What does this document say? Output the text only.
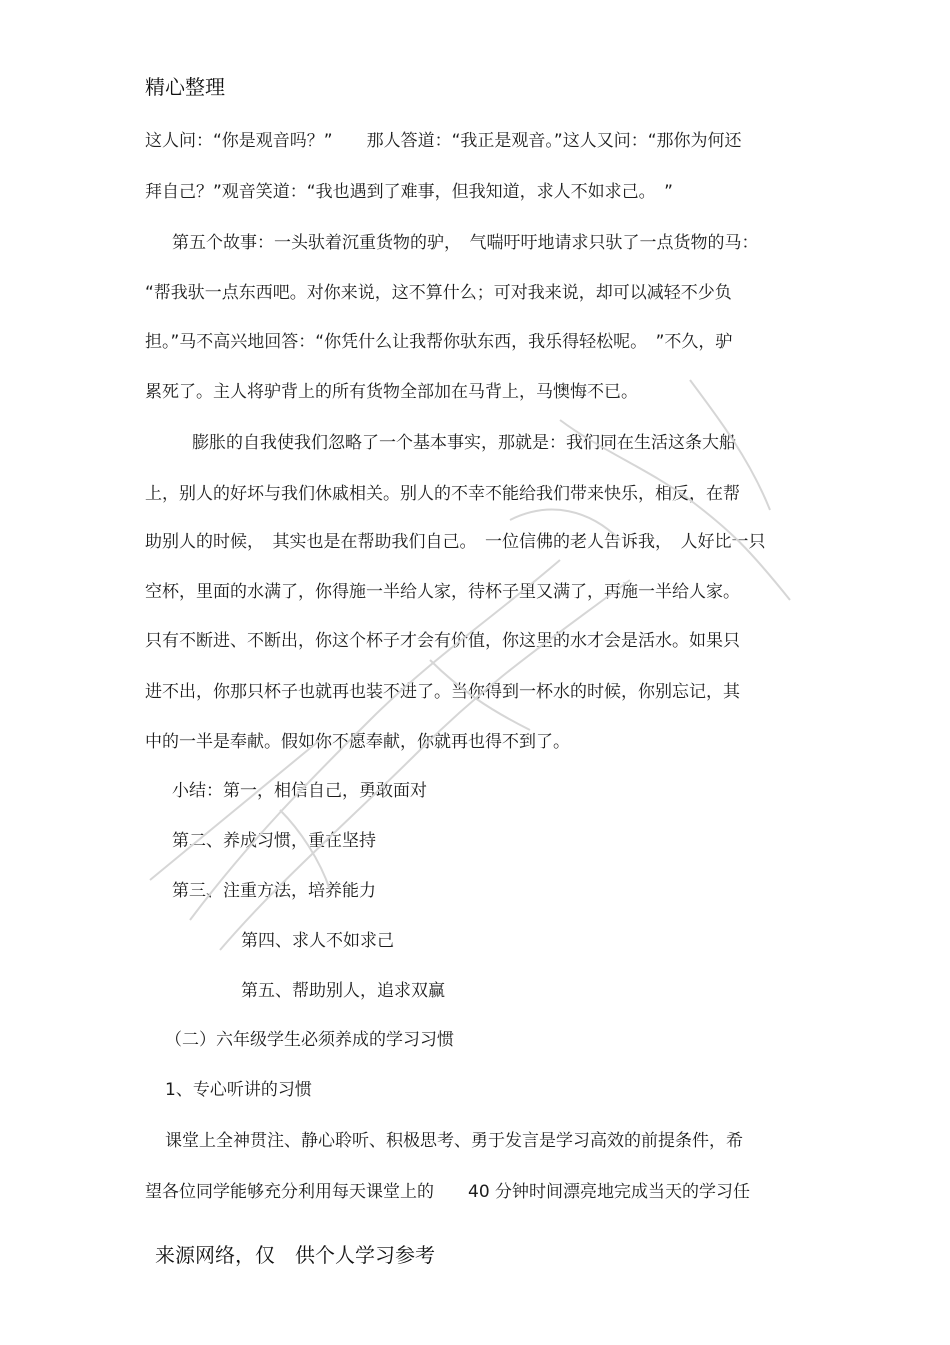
精心整理
这人问：“你是观音吗？”　　那人答道：“我正是观音。”这人又问：“那你为何还
拜自己？”观音笑道：“我也遇到了难事，但我知道，求人不如求己。　”
第五个故事：一头驮着沉重货物的驴，　气喘吁吁地请求只驮了一点货物的马：
“帮我驮一点东西吧。对你来说，这不算什么；可对我来说，却可以减轻不少负
担。”马不高兴地回答：“你凭什么让我帮你驮东西，我乐得轻松呢。　”不久，驴
累死了。主人将驴背上的所有货物全部加在马背上，马懊悔不已。
膨胀的自我使我们忽略了一个基本事实，那就是：我们同在生活这条大船
上，别人的好坏与我们休戚相关。别人的不幸不能给我们带来快乐，相反，在帮
助别人的时候，　其实也是在帮助我们自己。　一位信佛的老人告诉我，　人好比一只
空杯，里面的水满了，你得施一半给人家，待杯子里又满了，再施一半给人家。
只有不断进、不断出，你这个杯子才会有价值，你这里的水才会是活水。如果只
进不出，你那只杯子也就再也装不进了。当你得到一杯水的时候，你别忘记，其
中的一半是奉献。假如你不愿奉献，你就再也得不到了。
小结：第一，相信自己，勇敢面对
第二、养成习惯，重在坚持
第三、注重方法，培养能力
第四、求人不如求己
第五、帮助别人，追求双赢
（二）六年级学生必须养成的学习习惯
1、专心听讲的习惯
课堂上全神贯注、静心聆听、积极思考、勇于发言是学习高效的前提条件，希
望各位同学能够充分利用每天课堂上的　　40 分钟时间漂亮地完成当天的学习任
来源网络，仅　供个人学习参考
